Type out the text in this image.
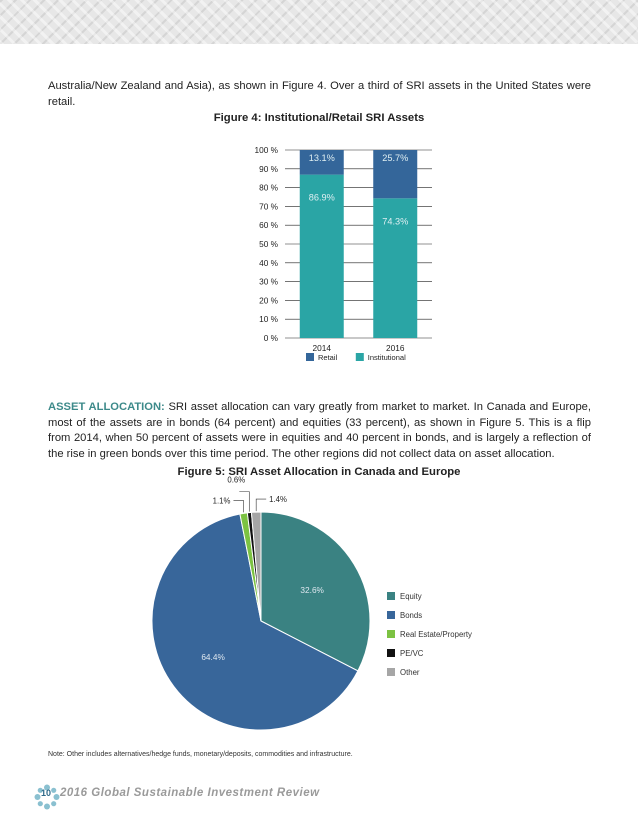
Australia/New Zealand and Asia), as shown in Figure 4. Over a third of SRI assets in the United States were retail.

Figure 4: Institutional/Retail SRI Assets
0 %
10 %
20 %
30 %
40 %
50 %
60 %
70 %
80 %
90 %
100 %
86.9%
13.1%
74.3%
25.7%
2014	2016
Retail	Institutional

ASSET ALLOCATION: SRI asset allocation can vary greatly from market to market. In Canada and Europe, most of the assets are in bonds (64 percent) and equities (33 percent), as shown in Figure 5. This is a flip from 2014, when 50 percent of assets were in equities and 40 percent in bonds, and is largely a reflection of the rise in green bonds over this time period. The other regions did not collect data on asset allocation.

Figure 5: SRI Asset Allocation in Canada and Europe
32.6%
64.4%
1.1%
0.6%
1.4%
Equity
Bonds
Real Estate/Property
PE/VC
Other
Note: Other includes alternatives/hedge funds, monetary/deposits, commodities and infrastructure.
10 2016 Global Sustainable Investment Review
